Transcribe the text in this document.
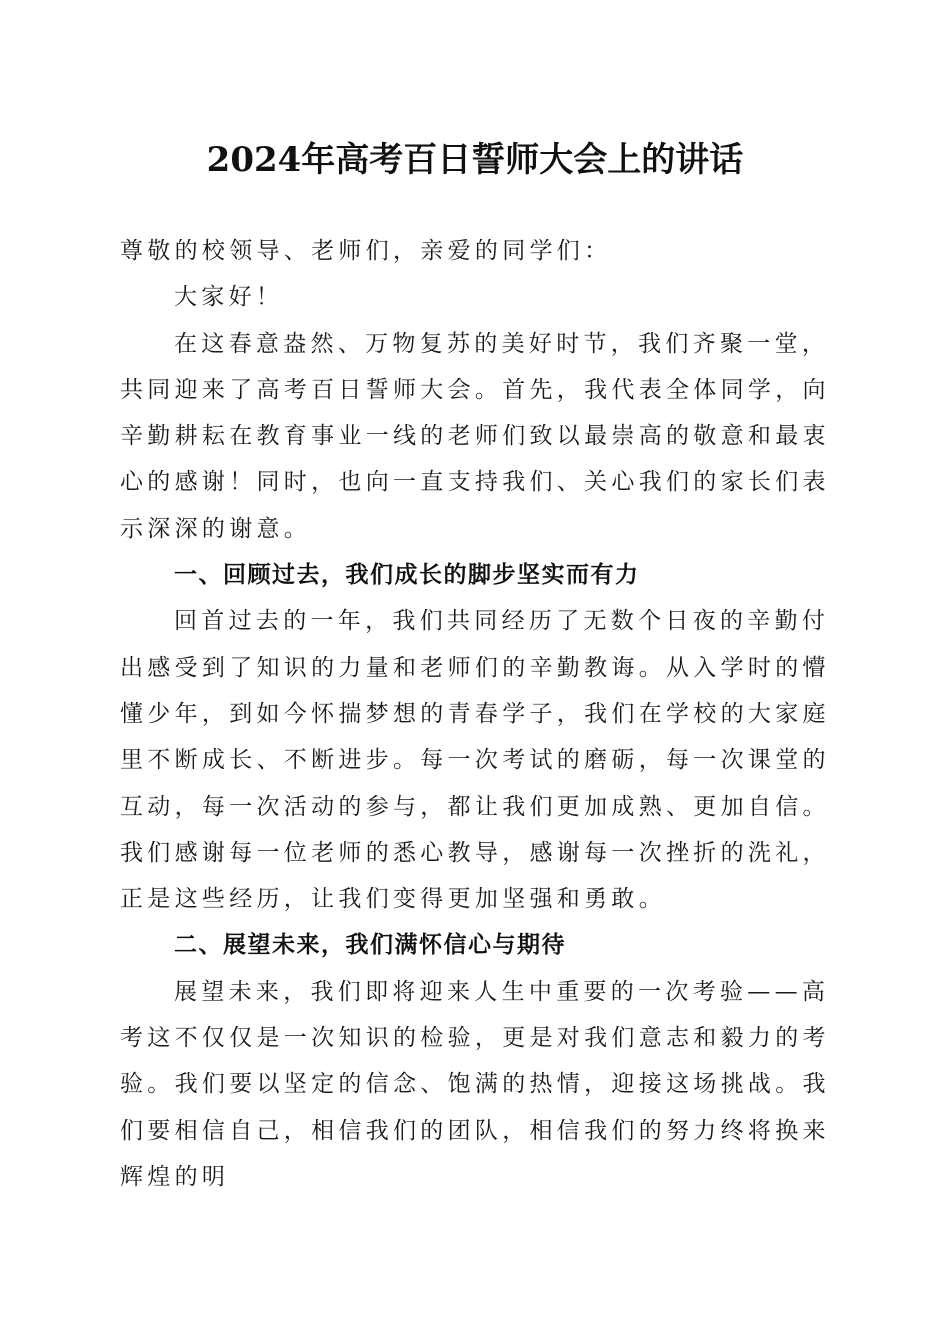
2024年高考百日誓师大会上的讲话

尊敬的校领导、老师们，亲爱的同学们：

大家好！

在这春意盎然、万物复苏的美好时节，我们齐聚一堂，共同迎来了高考百日誓师大会。首先，我代表全体同学，向辛勤耕耘在教育事业一线的老师们致以最崇高的敬意和最衷心的感谢！同时，也向一直支持我们、关心我们的家长们表示深深的谢意。

一、回顾过去，我们成长的脚步坚实而有力

回首过去的一年，我们共同经历了无数个日夜的辛勤付出感受到了知识的力量和老师们的辛勤教诲。从入学时的懵懂少年，到如今怀揣梦想的青春学子，我们在学校的大家庭里不断成长、不断进步。每一次考试的磨砺，每一次课堂的互动，每一次活动的参与，都让我们更加成熟、更加自信。我们感谢每一位老师的悉心教导，感谢每一次挫折的洗礼，正是这些经历，让我们变得更加坚强和勇敢。

二、展望未来，我们满怀信心与期待

展望未来，我们即将迎来人生中重要的一次考验——高考这不仅仅是一次知识的检验，更是对我们意志和毅力的考验。我们要以坚定的信念、饱满的热情，迎接这场挑战。我们要相信自己，相信我们的团队，相信我们的努力终将换来辉煌的明
